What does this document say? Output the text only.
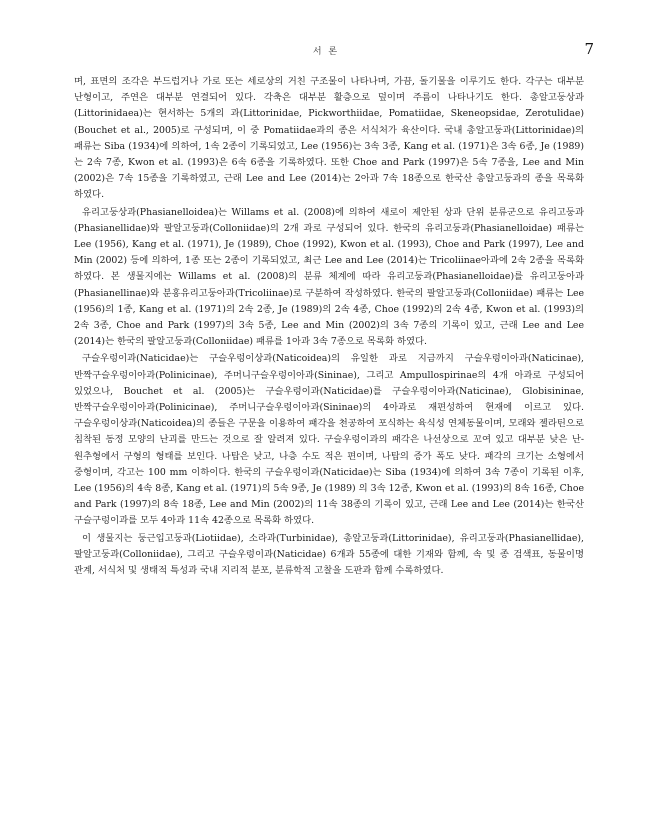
서 론	7

며, 표면의 조각은 부드럽거나 가로 또는 세로상의 거친 구조물이 나타나며, 가끔, 돌기물을 이루기도 한다. 각구는 대부분 난형이고, 주연은 대부분 연결되어 있다. 각축은 대부분 활층으로 덮이며 주름이 나타나기도 한다. 총알고둥상과(Littorinidaea)는 현서하는 5개의 과(Littorinidae, Pickworthiidae, Pomatiidae, Skeneopsidae, Zerotulidae)(Bouchet et al., 2005)로 구성되며, 이 중 Pomatiidae과의 종은 서식처가 육산이다. 국내 총알고둥과(Littorinidae)의 패류는 Siba (1934)에 의하여, 1속 2종이 기록되었고, Lee (1956)는 3속 3종, Kang et al. (1971)은 3속 6종, Je (1989)는 2속 7종, Kwon et al. (1993)은 6속 6종을 기록하였다. 또한 Choe and Park (1997)은 5속 7종을, Lee and Min (2002)은 7속 15종을 기록하였고, 근래 Lee and Lee (2014)는 2아과 7속 18종으로 한국산 총알고둥과의 종을 목록화 하였다.

유리고둥상과(Phasianelloidea)는 Willams et al. (2008)에 의하여 새로이 제안된 상과 단위 분류군으로 유리고둥과(Phasianellidae)와 팔알고둥과(Colloniidae)의 2개 과로 구성되어 있다. 한국의 유리고둥과(Phasianelloidae) 패류는 Lee (1956), Kang et al. (1971), Je (1989), Choe (1992), Kwon et al. (1993), Choe and Park (1997), Lee and Min (2002) 등에 의하여, 1종 또는 2종이 기록되었고, 최근 Lee and Lee (2014)는 Tricoliinae아과에 2속 2종을 목록화 하였다. 본 생물지에는 Willams et al. (2008)의 분류 체계에 따라 유리고둥과(Phasianelloidae)를 유리고둥아과(Phasianellinae)와 분홍유리고둥아과(Tricoliinae)로 구분하여 작성하였다. 한국의 팔알고둥과(Colloniidae) 패류는 Lee (1956)의 1종, Kang et al. (1971)의 2속 2종, Je (1989)의 2속 4종, Choe (1992)의 2속 4종, Kwon et al. (1993)의 2속 3종, Choe and Park (1997)의 3속 5종, Lee and Min (2002)의 3속 7종의 기록이 있고, 근래 Lee and Lee (2014)는 한국의 팔알고둥과(Colloniidae) 패류를 1아과 3속 7종으로 목록화 하였다.

구슬우렁이과(Naticidae)는 구슬우렁이상과(Naticoidea)의 유일한 과로 지금까지 구슬우렁이아과(Naticinae), 반짝구슬우렁이아과(Polinicinae), 주머니구슬우렁이아과(Sininae), 그리고 Ampullospirinae의 4개 아과로 구성되어 있었으나, Bouchet et al. (2005)는 구슬우렁이과(Naticidae)를 구슬우렁이아과(Naticinae), Globisininae, 반짝구슬우렁이아과(Polinicinae), 주머니구슬우렁이아과(Sininae)의 4아과로 재편성하여 현재에 이르고 있다. 구슬우렁이상과(Naticoidea)의 종들은 구문을 이용하여 패각을 천공하여 포식하는 육식성 연체동물이며, 모래와 젤라틴으로 침착된 동정 모양의 난괴를 만드는 것으로 잘 알려져 있다. 구슬우렁이과의 패각은 나선상으로 꼬여 있고 대부분 낮은 난-원추형에서 구형의 형태를 보인다. 나탑은 낮고, 나층 수도 적은 편이며, 나탑의 증가 폭도 낮다. 패각의 크기는 소형에서 중형이며, 각고는 100 mm 이하이다. 한국의 구슬우렁이과(Naticidae)는 Siba (1934)에 의하여 3속 7종이 기록된 이후, Lee (1956)의 4속 8종, Kang et al. (1971)의 5속 9종, Je (1989) 의 3속 12종, Kwon et al. (1993)의 8속 16종, Choe and Park (1997)의 8속 18종, Lee and Min (2002)의 11속 38종의 기록이 있고, 근래 Lee and Lee (2014)는 한국산 구슬구렁이과를 모두 4아과 11속 42종으로 목록화 하였다.

이 생물지는 둥근입고둥과(Liotiidae), 소라과(Turbinidae), 총알고둥과(Littorinidae), 유리고둥과(Phasianellidae), 팔알고둥과(Colloniidae), 그리고 구슬우렁이과(Naticidae) 6개과 55종에 대한 기재와 함께, 속 및 종 검색표, 동물이명 관계, 서식처 및 생태적 특성과 국내 지리적 분포, 분류학적 고찰을 도판과 함께 수록하였다.
